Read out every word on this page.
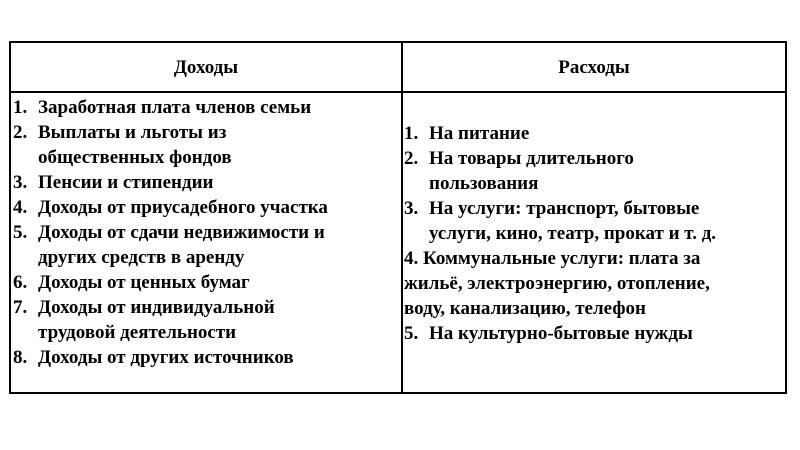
Доходы	Расходы
1. Заработная плата членов семьи
2. Выплаты и льготы из
общественных фондов
3. Пенсии и стипендии
4. Доходы от приусадебного участка
5. Доходы от сдачи недвижимости и
других средств в аренду
6. Доходы от ценных бумаг
7. Доходы от индивидуальной
трудовой деятельности
8. Доходы от других источников
1. На питание
2. На товары длительного
пользования
3. На услуги: транспорт, бытовые
услуги, кино, театр, прокат и т. д.
4. Коммунальные услуги: плата за
жильё, электроэнергию, отопление,
воду, канализацию, телефон
5. На культурно-бытовые нужды
